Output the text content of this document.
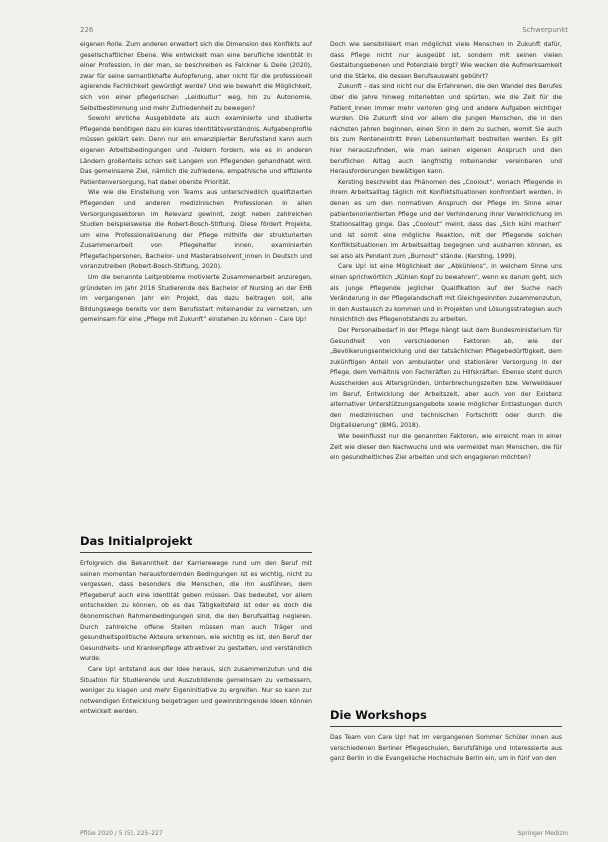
226	Schwerpunkt

eigenen Rolle. Zum anderen erweitert sich die Dimension des Konflikts auf gesellschaftlicher Ebene. Wie entwickelt man eine berufliche Identität in einer Profession, in der man, so beschreiben es Falckner & Deile (2020), zwar für seine semantikhafte Aufopferung, aber nicht für die professionell agierende Fachlichkeit gewürdigt werde? Und wie bewahrt die Möglichkeit, sich von einer pflegerischen „Leidkultur“ weg, hin zu Autonomie, Selbstbestimmung und mehr Zufriedenheit zu bewegen?

Sowohl ehrliche Ausgebildete als auch examinierte und studierte Pflegende benötigen dazu ein klares Identitätsverständnis, Aufgabenprofile müssen geklärt sein. Denn nur ein emanzipierter Berufsstand kann auch eigenen Arbeitsbedingungen und -feldern fordern, wie es in anderen Ländern großenteils schon seit Langem von Pflegenden gehandhabt wird. Das gemeinsame Ziel, nämlich die zufriedene, empathische und effiziente Patientenversorgung, hat dabei oberste Priorität.

Wie wie die Einstellung von Teams aus unterschiedlich qualifizierten Pflegenden und anderen medizinischen Professionen in allen Versorgungssektoren im Relevanz gewinnt, zeigt neben zahlreichen Studien beispielsweise die Robert-Bosch-Stiftung. Diese fördert Projekte, um eine Professionalisierung der Pflege mithilfe der strukturierten Zusammenarbeit von Pflegehelfer innen, examinierten Pflegefachpersonen, Bachelor- und Masterabsolvent_innen in Deutsch und voranzutreiben (Robert-Bosch-Stiftung, 2020).

Um die benannte Leitprobleme motivierte Zusammenarbeit anzuregen, gründeten im Jahr 2016 Studierende des Bachelor of Nursing an der EHB im vergangenen Jahr ein Projekt, das dazu beitragen soll, alle Bildungswege bereits vor dem Berufsstart miteinander zu vernetzen, um gemeinsam für eine „Pflege mit Zukunft“ einstehen zu können – Care Up!

Das Initialprojekt

Erfolgreich die Bekanntheit der Karrierewege rund um den Beruf mit seinen momentan herausfordernden Bedingungen ist es wichtig, nicht zu vergessen, dass besonders die Menschen, die ihn ausführen, dem Pflegeberuf auch eine Identität geben müssen. Das bedeutet, vor allem entscheiden zu können, ob es das Tätigkeitsfeld ist oder es doch die ökonomischen Rahmenbedingungen sind, die den Berufsalltag negieren. Durch zahlreiche offene Stellen müssen man auch Träger und gesundheitspolitische Akteure erkennen, wie wichtig es ist, den Beruf der Gesundheits- und Krankenpflege attraktiver zu gestalten, und verständlich wurde.

Care Up! entstand aus der Idee heraus, sich zusammenzutun und die Situation für Studierende und Auszubildende gemeinsam zu verbessern, weniger zu klagen und mehr Eigeninitiative zu ergreifen. Nur so kann zur notwendigen Entwicklung beigetragen und gewinnbringende Ideen können entwickelt werden.

Doch wie sensibilisiert man möglichst viele Menschen in Zukunft dafür, dass Pflege nicht nur ausgeübt ist, sondern mit seinen vielen Gestaltungsebenen und Potenziale birgt? Wie wecken die Aufmerksamkeit und die Stärke, die dessen Berufsauswahl gebührt?

Zukunft – das sind nicht nur die Erfahrenen, die den Wandel des Berufes über die Jahre hinweg miterlebten und spürten, wie die Zeit für die Patient_innen immer mehr verloren ging und andere Aufgaben wichtiger wurden. Die Zukunft sind vor allem die jungen Menschen, die in den nächsten Jahren beginnen, einen Sinn in dem zu suchen, womit Sie auch bis zum Renteneintritt Ihren Lebensunterhalt bestreiten werden. Es gilt hier herauszufinden, wie man seinen eigenen Anspruch und den beruflichen Alltag auch langfristig miteinander vereinbaren und Herausforderungen bewältigen kann.

Kersting beschreibt das Phänomen des „Coolout“, wonach Pflegende in ihrem Arbeitsalltag täglich mit Konfliktsituationen konfrontiert werden, in denen es um den normativen Anspruch der Pflege im Sinne einer patientenorientierten Pflege und der Verhinderung ihrer Verwirklichung im Stationsalltag ginge. Das „Coolout“ meint, dass das „Sich kühl machen“ und ist somit eine mögliche Reaktion, mit der Pflegende solchen Konfliktsituationen im Arbeitsalltag begegnen und ausharren können, es sei also als Pendant zum „Burnout“ stände. (Kersting, 1999).

Care Up! ist eine Möglichkeit der „Abkühlens“, in welchem Sinne uns einen sprichwörtlich „Kühlen Kopf zu bewahren“, wenn es darum geht, sich als junge Pflegende jeglicher Qualifikation auf der Suche nach Veränderung in der Pflegelandschaft mit Gleichgesinnten zusammenzutun, in den Austausch zu kommen und in Projekten und Lösungsstrategien auch hinsichtlich des Pflegenotstands zu arbeiten.

Der Personalbedarf in der Pflege hängt laut dem Bundesministerium für Gesundheit von verschiedenen Faktoren ab, wie der „Bevölkerungsentwicklung und der tatsächlichen Pflegebedürftigkeit, dem zukünftigen Anteil von ambulanter und stationärer Versorgung in der Pflege, dem Verhältnis von Fachkräften zu Hilfskräften. Ebenso steht durch Ausscheiden aus Altersgründen, Unterbrechungszeiten bzw. Verweildauer im Beruf, Entwicklung der Arbeitszeit, aber auch von der Existenz alternativer Unterstützungsangebote sowie möglicher Entlastungen durch den medizinischen und technischen Fortschritt oder durch die Digitalisierung“ (BMG, 2018).

Wie beeinflusst nur die genannten Faktoren, wie erreicht man in einer Zeit wie dieser den Nachwuchs und wie vermeidet man Menschen, die für ein gesundheitliches Ziel arbeiten und sich engagieren möchten?

Die Workshops

Das Team von Care Up! hat im vergangenen Sommer Schüler innen aus verschiedenen Berliner Pflegeschulen, Berufsfähige und Interessierte aus ganz Berlin in die Evangelische Hochschule Berlin ein, um in fünf von den

PflGe 2020 / 5 (5), 225–227	Springer Medizin
